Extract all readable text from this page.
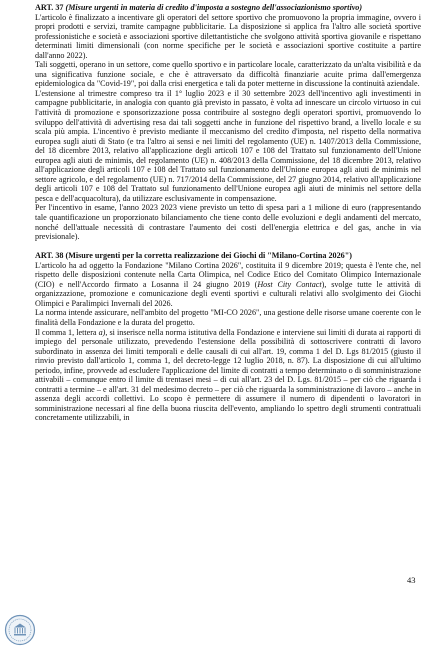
ART. 37 (Misure urgenti in materia di credito d'imposta a sostegno dell'associazionismo sportivo)

L'articolo è finalizzato a incentivare gli operatori del settore sportivo che promuovono la propria immagine, ovvero i propri prodotti e servizi, tramite campagne pubblicitarie. La disposizione si applica fra l'altro alle società sportive professionistiche e società e associazioni sportive dilettantistiche che svolgono attività sportiva giovanile e rispettano determinati limiti dimensionali (con norme specifiche per le società e associazioni sportive costituite a partire dall'anno 2022).

Tali soggetti, operano in un settore, come quello sportivo e in particolare locale, caratterizzato da un'alta visibilità e da una significativa funzione sociale, e che è attraversato da difficoltà finanziarie acuite prima dall'emergenza epidemiologica da "Covid-19", poi dalla crisi energetica e tali da poter metterne in discussione la continuità aziendale.

L'estensione al trimestre compreso tra il 1° luglio 2023 e il 30 settembre 2023 dell'incentivo agli investimenti in campagne pubblicitarie, in analogia con quanto già previsto in passato, è volta ad innescare un circolo virtuoso in cui l'attività di promozione e sponsorizzazione possa contribuire al sostegno degli operatori sportivi, promuovendo lo sviluppo dell'attività di advertising resa dai tali soggetti anche in funzione del rispettivo brand, a livello locale e su scala più ampia. L'incentivo è previsto mediante il meccanismo del credito d'imposta, nel rispetto della normativa europea sugli aiuti di Stato (e tra l'altro ai sensi e nei limiti del regolamento (UE) n. 1407/2013 della Commissione, del 18 dicembre 2013, relativo all'applicazione degli articoli 107 e 108 del Trattato sul funzionamento dell'Unione europea agli aiuti de minimis, del regolamento (UE) n. 408/2013 della Commissione, del 18 dicembre 2013, relativo all'applicazione degli articoli 107 e 108 del Trattato sul funzionamento dell'Unione europea agli aiuti de minimis nel settore agricolo, e del regolamento (UE) n. 717/2014 della Commissione, del 27 giugno 2014, relativo all'applicazione degli articoli 107 e 108 del Trattato sul funzionamento dell'Unione europea agli aiuti de minimis nel settore della pesca e dell'acquacoltura), da utilizzare esclusivamente in compensazione.

Per l'incentivo in esame, l'anno 2023 2023 viene previsto un tetto di spesa pari a 1 milione di euro (rappresentando tale quantificazione un proporzionato bilanciamento che tiene conto delle evoluzioni e degli andamenti del mercato, nonché dell'attuale necessità di contrastare l'aumento dei costi dell'energia elettrica e del gas, anche in via previsionale).

ART. 38 (Misure urgenti per la corretta realizzazione dei Giochi di "Milano-Cortina 2026")

L'articolo ha ad oggetto la Fondazione "Milano Cortina 2026", costituita il 9 dicembre 2019; questa è l'ente che, nel rispetto delle disposizioni contenute nella Carta Olimpica, nel Codice Etico del Comitato Olimpico Internazionale (CIO) e nell'Accordo firmato a Losanna il 24 giugno 2019 (Host City Contact), svolge tutte le attività di organizzazione, promozione e comunicazione degli eventi sportivi e culturali relativi allo svolgimento dei Giochi Olimpici e Paralimpici Invernali del 2026.

La norma intende assicurare, nell'ambito del progetto "MI-CO 2026", una gestione delle risorse umane coerente con le finalità della Fondazione e la durata del progetto.

Il comma 1, lettera a), si inserisce nella norma istitutiva della Fondazione e interviene sui limiti di durata ai rapporti di impiego del personale utilizzato, prevedendo l'estensione della possibilità di sottoscrivere contratti di lavoro subordinato in assenza dei limiti temporali e delle causali di cui all'art. 19, comma 1 del D. Lgs 81/2015 (giusto il rinvio previsto dall'articolo 1, comma 1, del decreto-legge 12 luglio 2018, n. 87). La disposizione di cui all'ultimo periodo, infine, provvede ad escludere l'applicazione del limite di contratti a tempo determinato o di somministrazione attivabili – comunque entro il limite di trentasei mesi – di cui all'art. 23 del D. Lgs. 81/2015 – per ciò che riguarda i contratti a termine – e all'art. 31 del medesimo decreto – per ciò che riguarda la somministrazione di lavoro – anche in assenza degli accordi collettivi. Lo scopo è permettere di assumere il numero di dipendenti o lavoratori in somministrazione necessari al fine della buona riuscita dell'evento, ampliando lo spettro degli strumenti contrattuali concretamente utilizzabili, in

43
